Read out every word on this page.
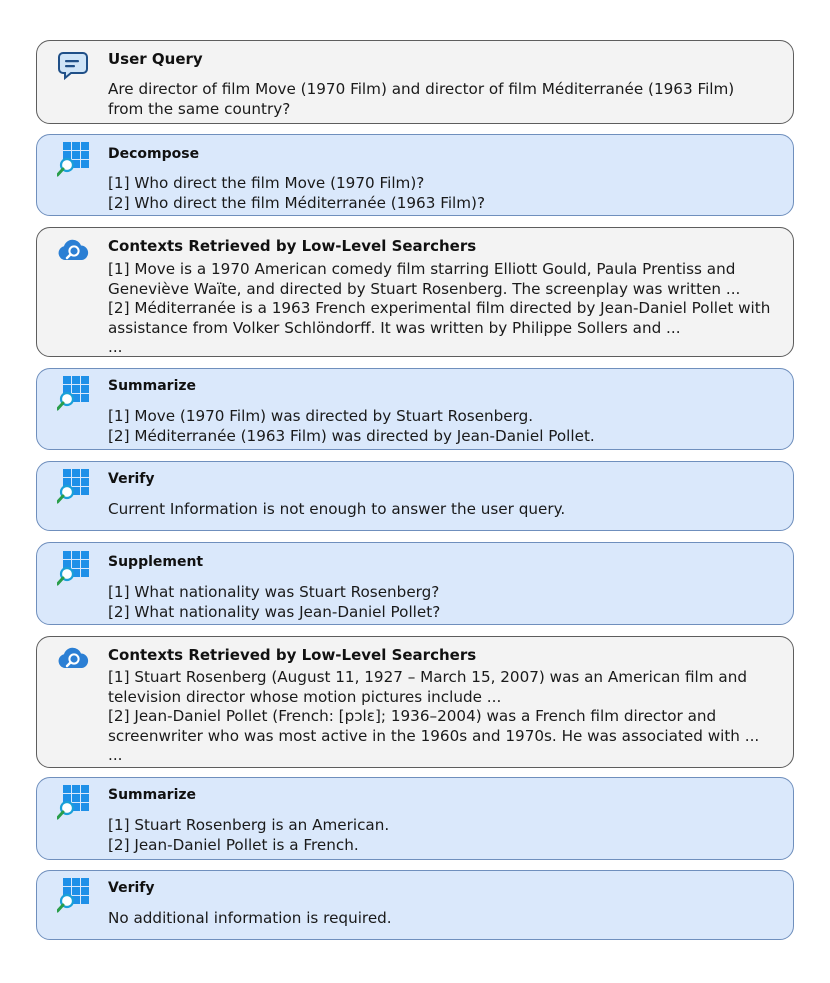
User Query
Are director of film Move (1970 Film) and director of film Méditerranée (1963 Film)
from the same country?
Decompose
[1] Who direct the film Move (1970 Film)?
[2] Who direct the film Méditerranée (1963 Film)?
Contexts Retrieved by Low-Level Searchers
[1] Move is a 1970 American comedy film starring Elliott Gould, Paula Prentiss and
Geneviève Waïte, and directed by Stuart Rosenberg. The screenplay was written ...
[2] Méditerranée is a 1963 French experimental film directed by Jean-Daniel Pollet with
assistance from Volker Schlöndorff. It was written by Philippe Sollers and ...
...
Summarize
[1] Move (1970 Film) was directed by Stuart Rosenberg.
[2] Méditerranée (1963 Film) was directed by Jean-Daniel Pollet.
Verify
Current Information is not enough to answer the user query.
Supplement
[1] What nationality was Stuart Rosenberg?
[2] What nationality was Jean-Daniel Pollet?
Contexts Retrieved by Low-Level Searchers
[1] Stuart Rosenberg (August 11, 1927 – March 15, 2007) was an American film and
television director whose motion pictures include ...
[2] Jean-Daniel Pollet (French: [pɔlɛ]; 1936–2004) was a French film director and
screenwriter who was most active in the 1960s and 1970s. He was associated with ...
...
Summarize
[1] Stuart Rosenberg is an American.
[2] Jean-Daniel Pollet is a French.
Verify
No additional information is required.
